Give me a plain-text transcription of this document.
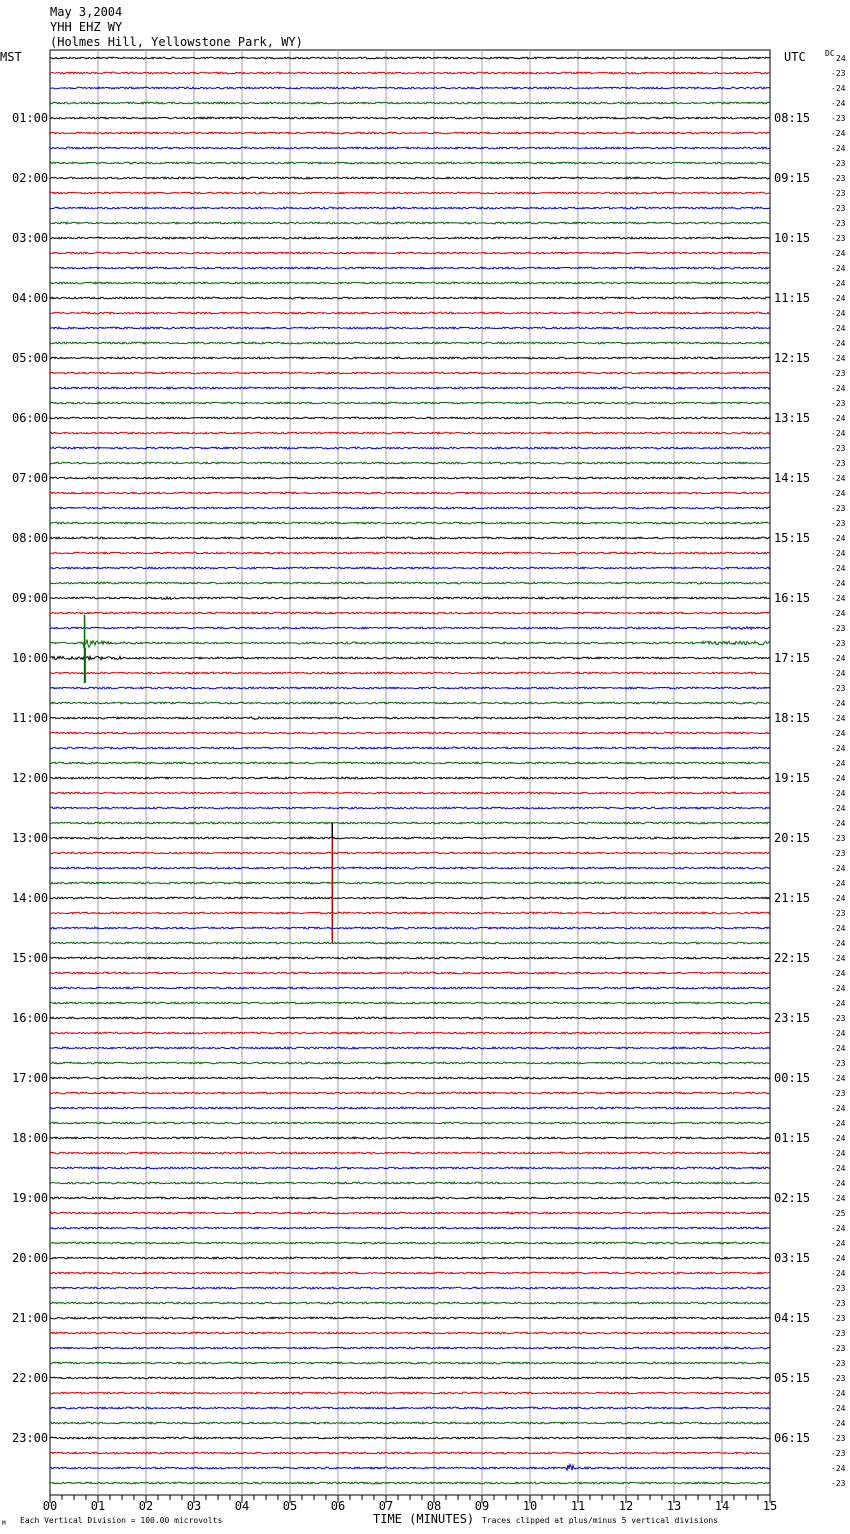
May 3,2004
YHH EHZ WY
(Holmes Hill, Yellowstone Park, WY)
MST	UTC DC
01:00
02:00
03:00
04:00
05:00
06:00
07:00
08:00
09:00
10:00
11:00
12:00
13:00
14:00
15:00
16:00
17:00
18:00
19:00
20:00
21:00
22:00
23:00
08:15
09:15
10:15
11:15
12:15
13:15
14:15
15:15
16:15
17:15
18:15
19:15
20:15
21:15
22:15
23:15
00:15
01:15
02:15
03:15
04:15
05:15
06:15
24
-23
-24
-24
-23
-24
-24
-23
-23
-23
-23
-23
-23
-24
-24
-24
-24
-24
-24
-24
-24
-23
-24
-23
-24
-24
-23
-23
-24
-24
-23
-23
-24
-24
-24
-24
-24
-24
-23
-23
-24
-24
-23
-24
-24
-24
-24
-24
-24
-24
-24
-24
-23
-23
-24
-24
-24
-23
-24
-24
-24
-24
-24
-24
-23
-24
-24
-23
-24
-23
-24
-24
-24
-24
-24
-24
-24
-25
-24
-24
-24
-24
-23
-23
-23
-23
-23
-23
-23
-24
-24
-24
-23
-23
-24
-23
00	01	02	03	04	05	06	07	08	09	10	11	12	13	14	15
M Each Vertical Division = 100.00 microvolts	TIME (MINUTES) Traces clipped at plus/minus 5 vertical divisions
